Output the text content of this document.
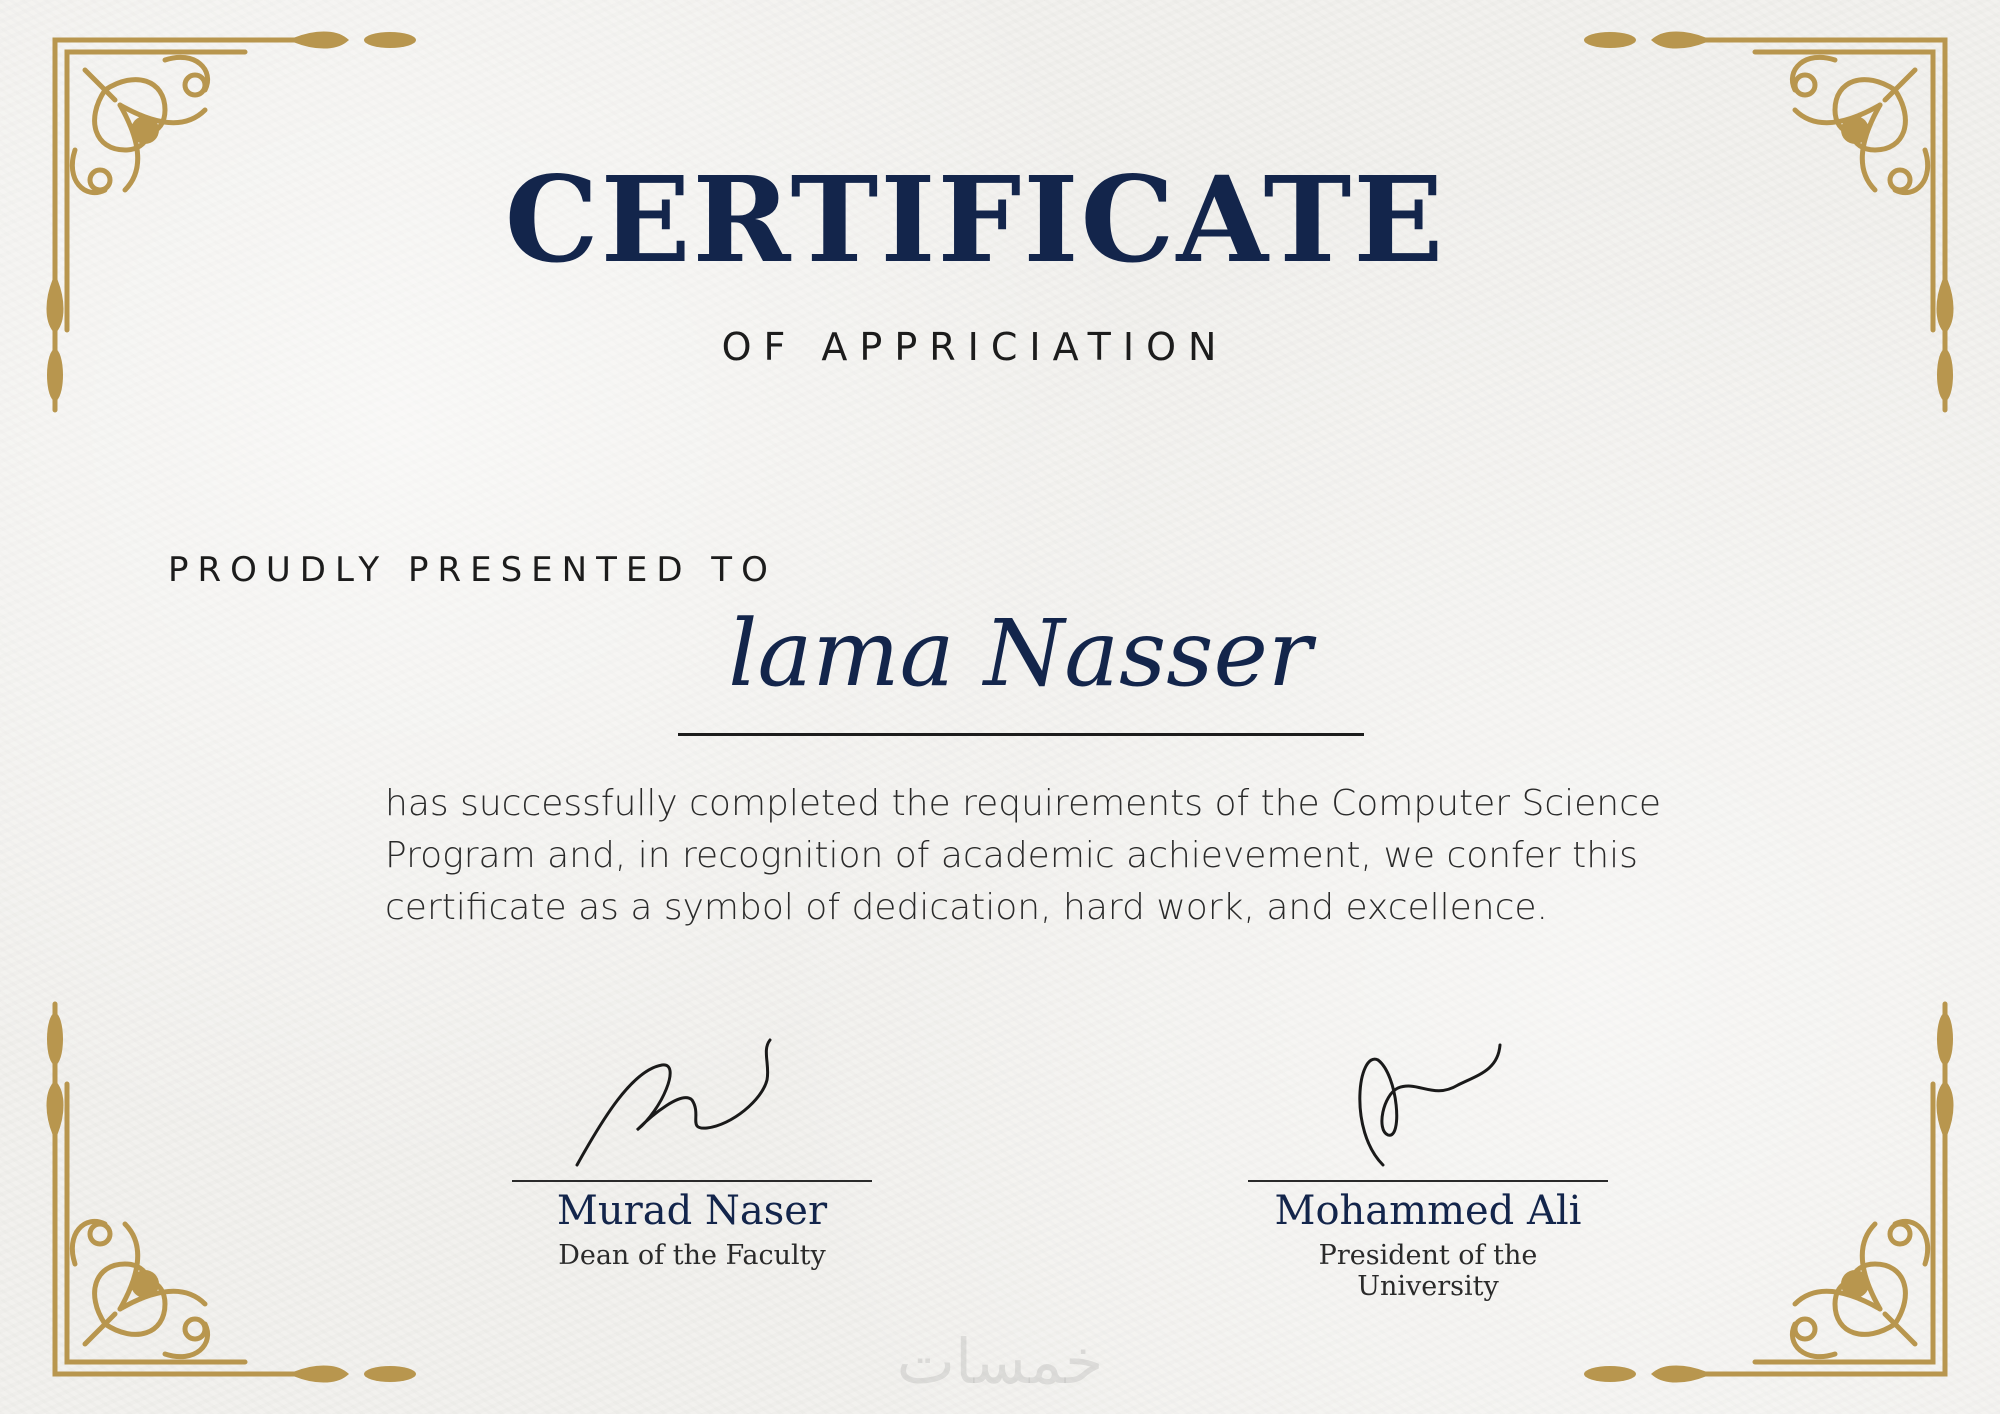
CERTIFICATE
OF APPRICIATION
PROUDLY PRESENTED TO
lama Nasser
has successfully completed the requirements of the Computer Science Program and, in recognition of academic achievement, we confer this certificate as a symbol of dedication, hard work, and excellence.
Murad Naser
Dean of the Faculty
Mohammed Ali
President of the University
خمسات
